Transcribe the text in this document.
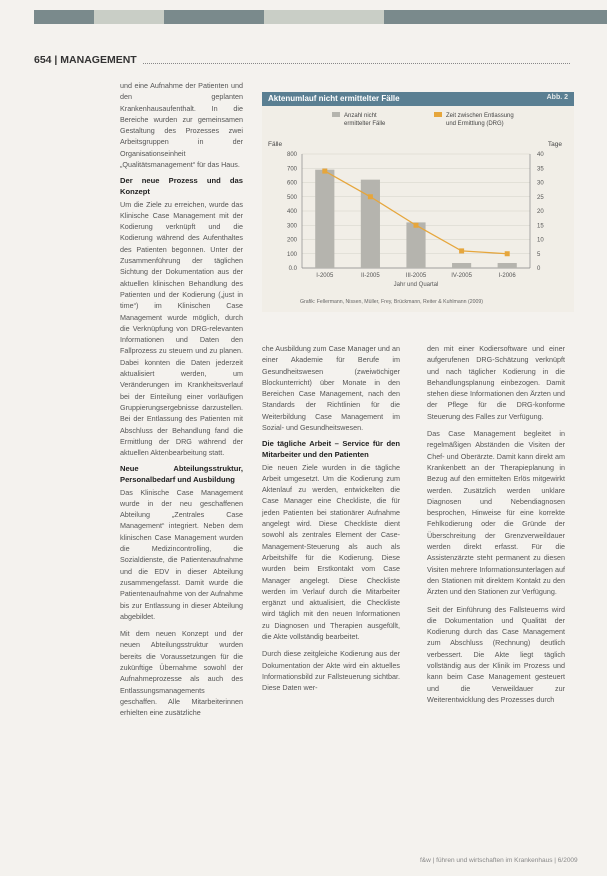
654 | MANAGEMENT

und eine Aufnahme der Patienten und den geplanten Krankenhausaufenthalt. In die Bereiche wurden zur gemeinsamen Gestaltung des Prozesses zwei Arbeitsgruppen in der Organisationseinheit „Qualitätsmanagement“ für das Haus.

Der neue Prozess und das Konzept

Um die Ziele zu erreichen, wurde das Klinische Case Management mit der Kodierung verknüpft und die Kodierung während des Aufenthaltes des Patienten begonnen. Unter der Zusammenführung der täglichen Sichtung der Dokumentation aus der aktuellen klinischen Behandlung des Patienten und der Kodierung („just in time“) im Klinischen Case Management wurde möglich, durch die Verknüpfung von DRG-relevanten Informationen und Daten den Fallprozess zu steuern und zu planen. Dabei konnten die Daten jederzeit aktualisiert werden, um Veränderungen im Krankheitsverlauf bei der Einteilung einer vorläufigen Gruppierungsergebnisse darzustellen. Bei der Entlassung des Patienten mit Abschluss der Behandlung fand die Ermittlung der DRG während der aktuellen Aktenbearbeitung statt.

Neue Abteilungsstruktur, Personalbedarf und Ausbildung

Das Klinische Case Management wurde in der neu geschaffenen Abteilung „Zentrales Case Management“ integriert. Neben dem klinischen Case Management wurden die Medizincontrolling, die Sozialdienste, die Patientenaufnahme und die EDV in dieser Abteilung zusammengefasst. Damit wurde die Patientenaufnahme von der Aufnahme bis zur Entlassung in dieser Abteilung abgebildet.

Mit dem neuen Konzept und der neuen Abteilungsstruktur wurden bereits die Voraussetzungen für die zukünftige Übernahme sowohl der Aufnahmeprozesse als auch des Entlassungsmanagements geschaffen. Alle Mitarbeiterinnen erhielten eine zusätzliche

Aktenumlauf nicht ermittelter Fälle	Abb. 2
Anzahl nicht
ermittelter Fälle
Zeit zwischen Entlassung
und Ermittlung (DRG)
Fälle	Tage
0.0
100
200
300
400
500
600
700
800
0
5
10
15
20
25
30
35
40
I-2005	II-2005	III-2005	IV-2005	I-2006
Jahr und Quartal
Grafik: Fellermann, Nissen, Müller, Frey, Brückmann, Reiter & Kuhlmann (2009)

che Ausbildung zum Case Manager und an einer Akademie für Berufe im Gesundheitswesen (zweiwöchiger Blockunterricht) über Monate in den Bereichen Case Management, nach den Standards der Richtlinien für die Weiterbildung Case Management im Sozial- und Gesundheitswesen.

Die tägliche Arbeit – Service für den Mitarbeiter und den Patienten

Die neuen Ziele wurden in die tägliche Arbeit umgesetzt. Um die Kodierung zum Aktenlauf zu werden, entwickelten die Case Manager eine Checkliste, die für jeden Patienten bei stationärer Aufnahme angelegt wird. Diese Checkliste dient sowohl als zentrales Element der Case-Management-Steuerung als auch als Arbeitshilfe für die Kodierung. Diese wurden beim Erstkontakt vom Case Manager angelegt. Diese Checkliste werden im Verlauf durch die Mitarbeiter ergänzt und aktualisiert, die Checkliste wird täglich mit den neuen Informationen zu Diagnosen und Therapien ausgefüllt, die Akte vollständig bearbeitet.

Durch diese zeitgleiche Kodierung aus der Dokumentation der Akte wird ein aktuelles Informationsbild zur Fallsteuerung sichtbar. Diese Daten wer-

den mit einer Kodiersoftware und einer aufgerufenen DRG-Schätzung verknüpft und nach täglicher Kodierung in die Behandlungsplanung einbezogen. Damit stehen diese Informationen den Ärzten und der Pflege für die DRG-konforme Steuerung des Falles zur Verfügung.

Das Case Management begleitet in regelmäßigen Abständen die Visiten der Chef- und Oberärzte. Damit kann direkt am Krankenbett an der Therapieplanung in Bezug auf den ermittelten Erlös mitgewirkt werden. Zusätzlich werden unklare Diagnosen und Nebendiagnosen besprochen, Hinweise für eine korrekte Fehlkodierung oder die Gründe der Überschreitung der Grenzverweildauer werden direkt erfasst. Für die Assistenzärzte steht permanent zu diesen Visiten mehrere Informationsunterlagen auf den Stationen mit direktem Kontakt zu den Ärzten und den Stationen zur Verfügung.

Seit der Einführung des Fallsteuerns wird die Dokumentation und Qualität der Kodierung durch das Case Management zum Abschluss (Rechnung) deutlich verbessert. Die Akte liegt täglich vollständig aus der Klinik im Prozess und kann beim Case Management gesteuert und die Verweildauer zur Weiterentwicklung des Prozesses durch

f&w | führen und wirtschaften im Krankenhaus | 6/2009
